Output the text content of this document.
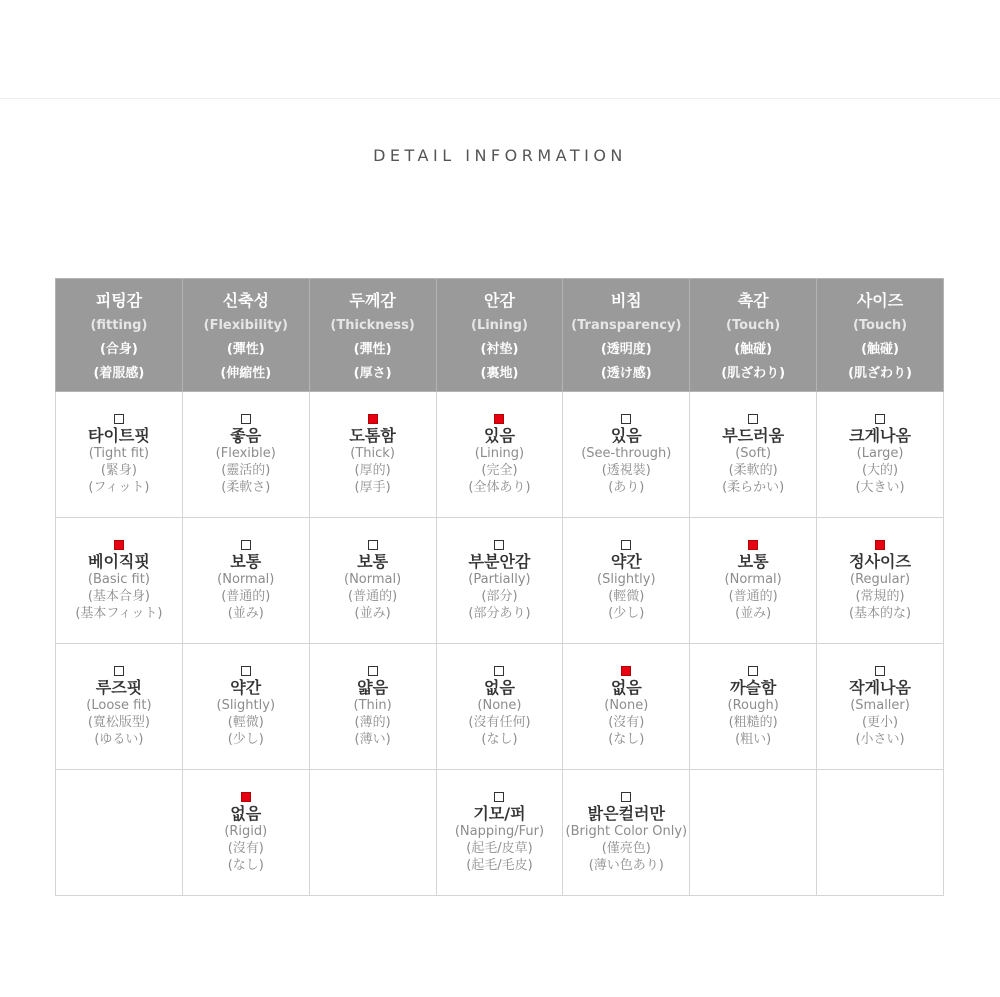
DETAIL INFORMATION
피팅감
(fitting)
(合身)
(着服感)	신축성
(Flexibility)
(彈性)
(伸縮性)	두께감
(Thickness)
(彈性)
(厚さ)	안감
(Lining)
(衬垫)
(裏地)	비침
(Transparency)
(透明度)
(透け感)	촉감
(Touch)
(触碰)
(肌ざわり)	사이즈
(Touch)
(触碰)
(肌ざわり)

타이트핏
(Tight fit)
(緊身)
(フィット)	좋음
(Flexible)
(靈活的)
(柔軟さ)	도톰함
(Thick)
(厚的)
(厚手)	있음
(Lining)
(完全)
(全体あり)	있음
(See-through)
(透視裝)
(あり)	부드러움
(Soft)
(柔軟的)
(柔らかい)	크게나옴
(Large)
(大的)
(大きい)

베이직핏
(Basic fit)
(基本合身)
(基本フィット)	보통
(Normal)
(普通的)
(並み)	보통
(Normal)
(普通的)
(並み)	부분안감
(Partially)
(部分)
(部分あり)	약간
(Slightly)
(輕微)
(少し)	보통
(Normal)
(普通的)
(並み)	정사이즈
(Regular)
(常規的)
(基本的な)

루즈핏
(Loose fit)
(寬松版型)
(ゆるい)	약간
(Slightly)
(輕微)
(少し)	얇음
(Thin)
(薄的)
(薄い)	없음
(None)
(沒有任何)
(なし)	없음
(None)
(沒有)
(なし)	까슬함
(Rough)
(粗糙的)
(粗い)	작게나옴
(Smaller)
(更小)
(小さい)

	없음
(Rigid)
(沒有)
(なし)		기모/퍼
(Napping/Fur)
(起毛/皮草)
(起毛/毛皮)	밝은컬러만
(Bright Color Only)
(僅亮色)
(薄い色あり)		
